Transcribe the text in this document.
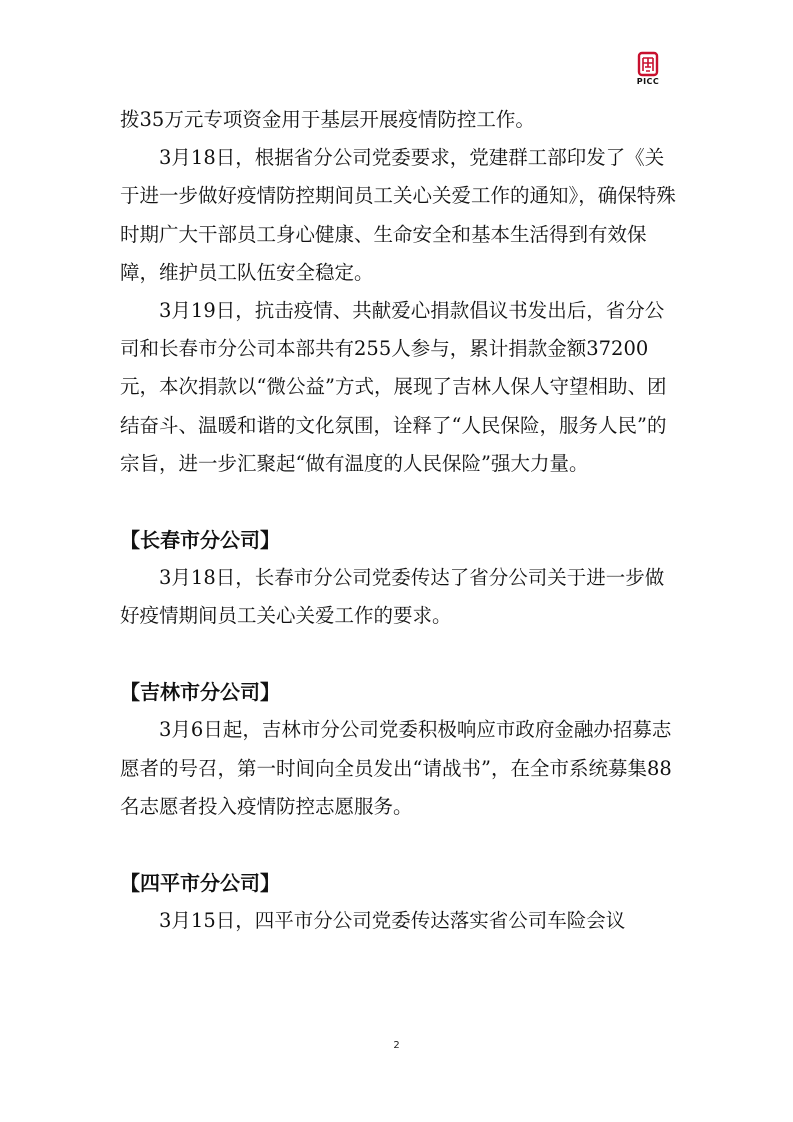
PICC

拨35万元专项资金用于基层开展疫情防控工作。

3月18日，根据省分公司党委要求，党建群工部印发了《关于进一步做好疫情防控期间员工关心关爱工作的通知》，确保特殊时期广大干部员工身心健康、生命安全和基本生活得到有效保障，维护员工队伍安全稳定。

3月19日，抗击疫情、共献爱心捐款倡议书发出后，省分公司和长春市分公司本部共有255人参与，累计捐款金额37200元，本次捐款以“微公益”方式，展现了吉林人保人守望相助、团结奋斗、温暖和谐的文化氛围，诠释了“人民保险，服务人民”的宗旨，进一步汇聚起“做有温度的人民保险”强大力量。

【长春市分公司】

3月18日，长春市分公司党委传达了省分公司关于进一步做好疫情期间员工关心关爱工作的要求。

【吉林市分公司】

3月6日起，吉林市分公司党委积极响应市政府金融办招募志愿者的号召，第一时间向全员发出“请战书”，在全市系统募集88名志愿者投入疫情防控志愿服务。

【四平市分公司】

3月15日，四平市分公司党委传达落实省公司车险会议

2
